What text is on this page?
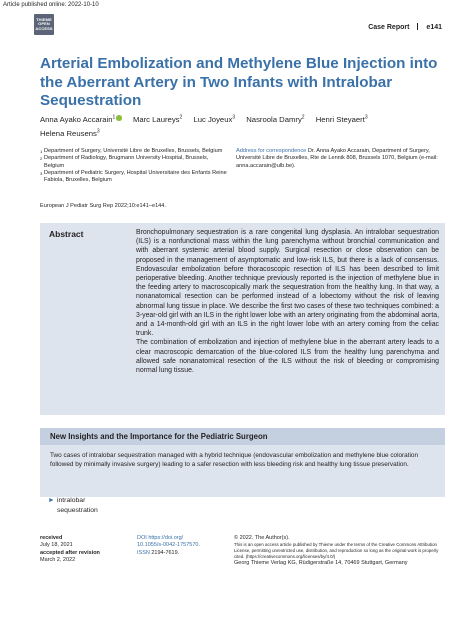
Article published online: 2022-10-10
THIEME
OPEN
ACCESS	Case Report e141
Arterial Embolization and Methylene Blue Injection into the Aberrant Artery in Two Infants with Intralobar Sequestration
Anna Ayako Accarain$^1$ Marc Laureys$^2$ Luc Joyeux$^3$ Nasroola Damry$^2$ Henri Steyaert$^3$
Helena Reusens$^3$
1 Department of Surgery, Université Libre de Bruxelles, Brussels, Belgium
2 Department of Radiology, Brugmann University Hospital, Brussels, Belgium
3 Department of Pediatric Surgery, Hospital Universitaire des Enfants Reine Fabiola, Bruxelles, Belgium
Address for correspondence Dr. Anna Ayako Accarain, Department of Surgery, Université Libre de Bruxelles, Rte de Lennik 808, Brussels 1070, Belgium (e-mail: anna.accarain@ulb.be).
European J Pediatr Surg Rep 2022;10:e141–e144.
Abstract	Bronchopulmonary sequestration is a rare congenital lung dysplasia. An intralobar sequestration (ILS) is a nonfunctional mass within the lung parenchyma without bronchial communication and with aberrant systemic arterial blood supply. Surgical resection or close observation can be proposed in the management of asymptomatic and low-risk ILS, but there is a lack of consensus. Endovascular embolization before thoracoscopic resection of ILS has been described to limit perioperative bleeding. Another technique previously reported is the injection of methylene blue in the feeding artery to macroscopically mark the sequestration from the healthy lung. In that way, a nonanatomical resection can be performed instead of a lobectomy without the risk of leaving abnormal lung tissue in place. We describe the first two cases of these two techniques combined: a 3-year-old girl with an ILS in the right lower lobe with an artery originating from the abdominal aorta, and a 14-month-old girl with an ILS in the right lower lobe with an artery coming from the celiac trunk.

The combination of embolization and injection of methylene blue in the aberrant artery leads to a clear macroscopic demarcation of the blue-colored ILS from the healthy lung parenchyma and allowed safe nonanatomical resection of the ILS without the risk of bleeding or compromising normal lung tissue.

► intralobar sequestration
New Insights and the Importance for the Pediatric Surgeon
Two cases of intralobar sequestration managed with a hybrid technique (endovascular embolization and methylene blue coloration followed by minimally invasive surgery) leading to a safer resection with less bleeding risk and healthy lung tissue preservation.
received
July 18, 2021
accepted after revision
March 2, 2022
DOI https://doi.org/
10.1055/s-0042-1757570.
ISSN 2194-7619.
© 2022. The Author(s).
This is an open access article published by Thieme under the terms of the Creative Commons Attribution License, permitting unrestricted use, distribution, and reproduction so long as the original work is properly cited. (https://creativecommons.org/licenses/by/4.0/)
Georg Thieme Verlag KG, Rüdigerstraße 14, 70469 Stuttgart, Germany
